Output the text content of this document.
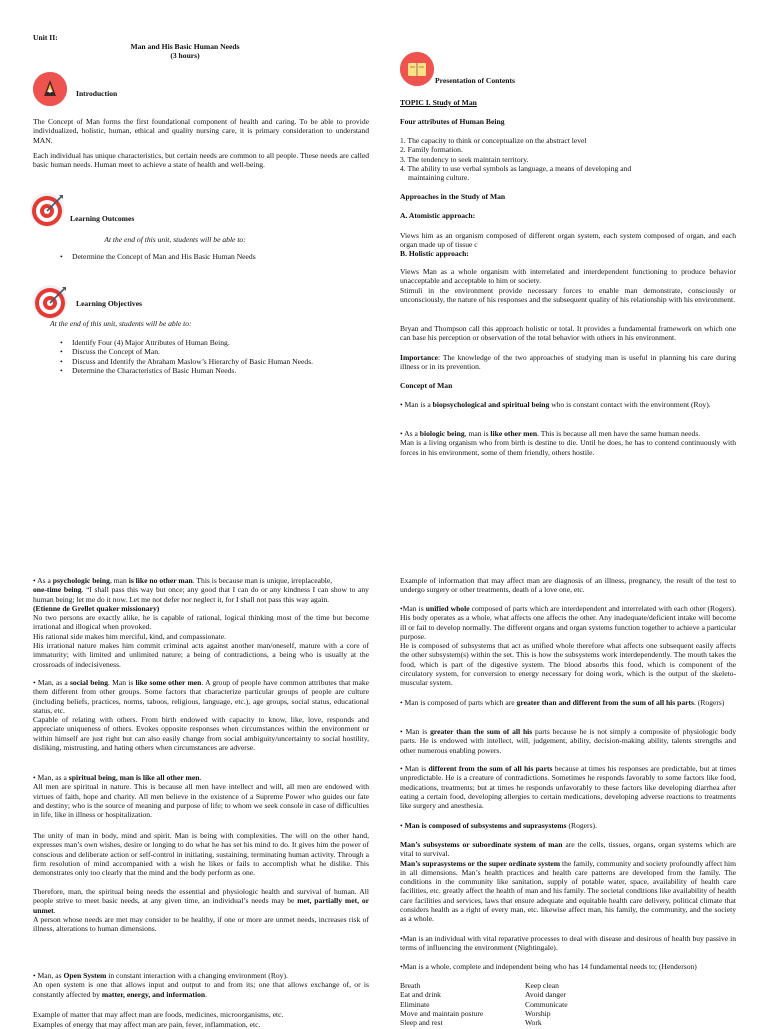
Unit II:
Man and His Basic Human Needs
(3 hours)
Introduction

The Concept of Man forms the first foundational component of health and caring. To be able to provide individualized, holistic, human, ethical and quality nursing care, it is primary consideration to understand MAN.

Each individual has unique characteristics, but certain needs are common to all people. These needs are called basic human needs. Human meet to achieve a state of health and well-being.

Learning Outcomes
At the end of this unit, students will be able to:
• Determine the Concept of Man and His Basic Human Needs
Learning Objectives
At the end of this unit, students will be able to:
• Identify Four (4) Major Attributes of Human Being.
• Discuss the Concept of Man.
• Discuss and Identify the Abraham Maslow’s Hierarchy of Basic Human Needs.
• Determine the Characteristics of Basic Human Needs.
Presentation of Contents
TOPIC I. Study of Man
Four attributes of Human Being
1. The capacity to think or conceptualize on the abstract level
2. Family formation.
3. The tendency to seek maintain territory.
4. The ability to use verbal symbols as language, a means of developing and
maintaining culture.
Approaches in the Study of Man
A. Atomistic approach:

Views him as an organism composed of different organ system, each system composed of organ, and each organ made up of tissue c

B. Holistic approach:

Views Man as a whole organism with interrelated and interdependent functioning to produce behavior unacceptable and acceptable to him or society.

Stimuli in the environment provide necessary forces to enable man demonstrate, consciously or unconsciously, the nature of his responses and the subsequent quality of his relationship with his environment.

Bryan and Thompson call this approach holistic or total. It provides a fundamental framework on which one can base his perception or observation of the total behavior with others in his environment.

Importance: The knowledge of the two approaches of studying man is useful in planning his care during illness or in its prevention.

Concept of Man

• Man is a biopsychological and spiritual being who is constant contact with the environment (Roy).

• As a biologic being, man is like other men. This is because all men have the same human needs.
Man is a living organism who from birth is destine to die. Until he does, he has to contend continuously with forces in his environment, some of them friendly, others hostile.

• As a psychologic being, man is like no other man. This is because man is unique, irreplaceable,
one-time being. “I shall pass this way but once; any good that I can do or any kindness I can show to any human being; let me do it now. Let me not defer nor neglect it, for I shall not pass this way again.
(Etienne de Grellet quaker missionary)
No two persons are exactly alike, he is capable of rational, logical thinking most of the time but become irrational and illogical when provoked.
His rational side makes him merciful, kind, and compassionate.
His irrational nature makes him commit criminal acts against another man/oneself, mature with a core of immaturity; with limited and unlimited nature; a being of contradictions, a being who is usually at the crossroads of indecisiveness.

• Man, as a social being. Man is like some other men. A group of people have common attributes that make them different from other groups. Some factors that characterize particular groups of people are culture (including beliefs, practices, norms, taboos, religious, language, etc.), age groups, social status, educational status, etc.
Capable of relating with others. From birth endowed with capacity to know, like, love, responds and appreciate uniqueness of others. Evokes opposite responses when circumstances within the environment or within himself are just right but can also easily change from social ambiguity/uncertainty to social hostility, disliking, mistrusting, and hating others when circumstances are adverse.

• Man, as a spiritual being, man is like all other men.
All men are spiritual in nature. This is because all men have intellect and will, all men are endowed with virtues of faith, hope and charity. All men believe in the existence of a Supreme Power who guides our fate and destiny; who is the source of meaning and purpose of life; to whom we seek console in case of difficulties in life, like in illness or hospitalization.

The unity of man in body, mind and spirit. Man is being with complexities. The will on the other hand, expresses man’s own wishes, desire or longing to do what he has set his mind to do. It gives him the power of conscious and deliberate action or self-control in initiating, sustaining, terminating human activity. Through a firm resolution of mind accompanied with a wish he likes or fails to accomplish what he dislike. This demonstrates only too clearly that the mind and the body perform as one.

Therefore, man, the spiritual being needs the essential and physiologic health and survival of human. All people strive to meet basic needs, at any given time, an individual’s needs may be met, partially met, or unmet.
A person whose needs are met may consider to be healthy, if one or more are unmet needs, increases risk of illness, alterations to human dimensions.

• Man, as Open System in constant interaction with a changing environment (Roy).
An open system is one that allows input and output to and from its; one that allows exchange of, or is constantly affected by matter, energy, and information.

Example of matter that may affect man are foods, medicines, microorganisms, etc.

Examples of energy that may affect man are pain, fever, inflammation, etc.

Example of information that may affect man are diagnosis of an illness, pregnancy, the result of the test to undergo surgery or other treatments, death of a love one, etc.

•Man is unified whole composed of parts which are interdependent and interrelated with each other (Rogers). His body operates as a whole, what affects one affects the other. Any inadequate/deficient intake will become ill or fail to develop normally. The different organs and organ systems function together to achieve a particular purpose.
He is composed of subsystems that act as unified whole therefore what affects one subsequent easily affects the other subsystem(s) within the set. This is how the subsystems work interdependently. The mouth takes the food, which is part of the digestive system. The blood absorbs this food, which is component of the circulatory system, for conversion to energy necessary for doing work, which is the output of the skeleto-muscular system.

• Man is composed of parts which are greater than and different from the sum of all his parts. (Rogers)

• Man is greater than the sum of all his parts because he is not simply a composite of physiologic body parts. He is endowed with intellect, will, judgement, ability, decision-making ability, talents strengths and other numerous enabling powers.

• Man is different from the sum of all his parts because at times his responses are predictable, but at times unpredictable. He is a creature of contradictions. Sometimes he responds favorably to some factors like food, medications, treatments; but at times he responds unfavorably to these factors like developing diarrhea after eating a certain food, developing allergies to certain medications, developing adverse reactions to treatments like surgery and anesthesia.

• Man is composed of subsystems and suprasystems (Rogers).

Man’s subsystems or subordinate system of man are the cells, tissues, organs, organ systems which are vital to survival.
Man’s suprasystems or the super ordinate system the family, community and society profoundly affect him in all dimensions. Man’s health practices and health care patterns are developed from the family. The conditions in the community like sanitation, supply of potable water, space, availability of health care facilities, etc. greatly affect the health of man and his family. The societal conditions like availability of health care facilities and services, laws that ensure adequate and equitable health care delivery, political climate that considers health as a right of every man, etc. likewise affect man, his family, the community, and the society as a whole.

•Man is an individual with vital reparative processes to deal with disease and desirous of health buy passive in terms of influencing the environment (Nightingale).

•Man is a whole, complete and independent being who has 14 fundamental needs to; (Henderson)

Breath
Eat and drink
Eliminate
Move and maintain posture
Sleep and rest
Keep clean
Avoid danger
Communicate
Worship
Work
